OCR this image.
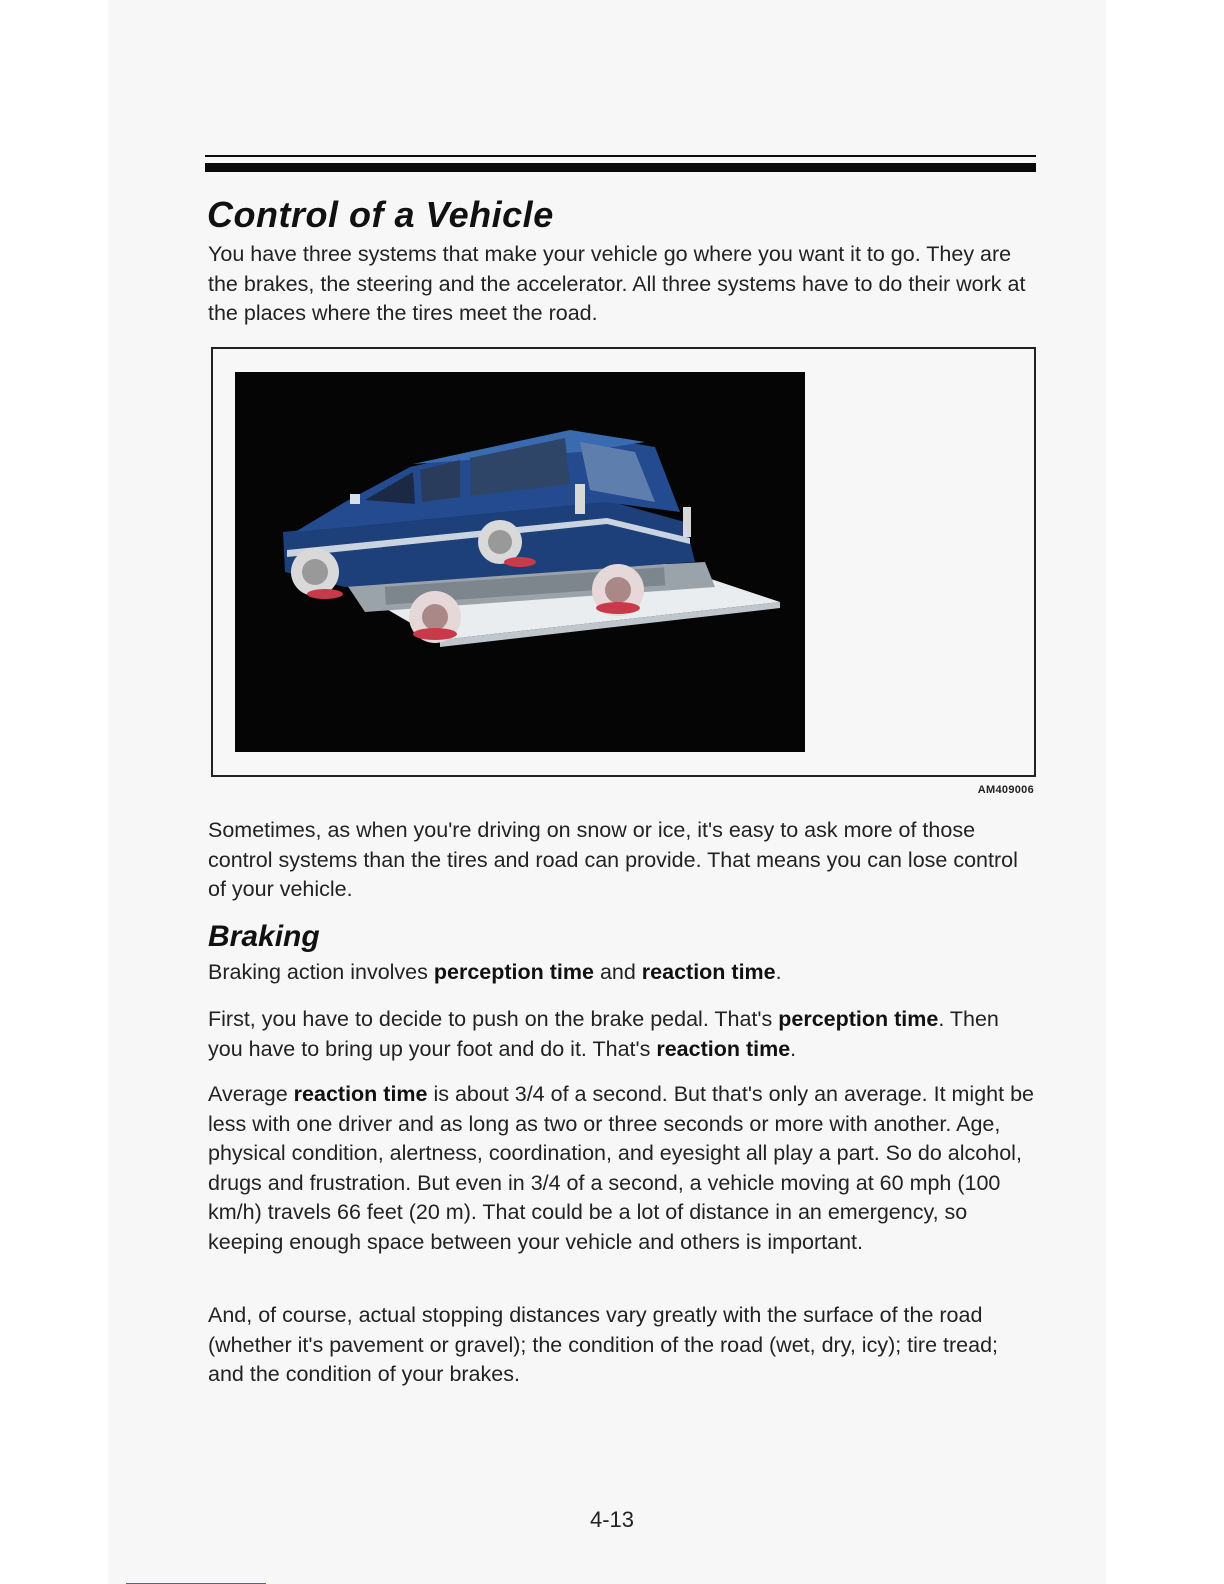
Control of a Vehicle
You have three systems that make your vehicle go where you want it to go. They are the brakes, the steering and the accelerator. All three systems have to do their work at the places where the tires meet the road.
AM409006
Sometimes, as when you're driving on snow or ice, it's easy to ask more of those control systems than the tires and road can provide. That means you can lose control of your vehicle.
Braking
Braking action involves perception time and reaction time.
First, you have to decide to push on the brake pedal. That's perception time. Then you have to bring up your foot and do it. That's reaction time.
Average reaction time is about 3/4 of a second. But that's only an average. It might be less with one driver and as long as two or three seconds or more with another. Age, physical condition, alertness, coordination, and eyesight all play a part. So do alcohol, drugs and frustration. But even in 3/4 of a second, a vehicle moving at 60 mph (100 km/h) travels 66 feet (20 m). That could be a lot of distance in an emergency, so keeping enough space between your vehicle and others is important.
And, of course, actual stopping distances vary greatly with the surface of the road (whether it's pavement or gravel); the condition of the road (wet, dry, icy); tire tread; and the condition of your brakes.
4-13
